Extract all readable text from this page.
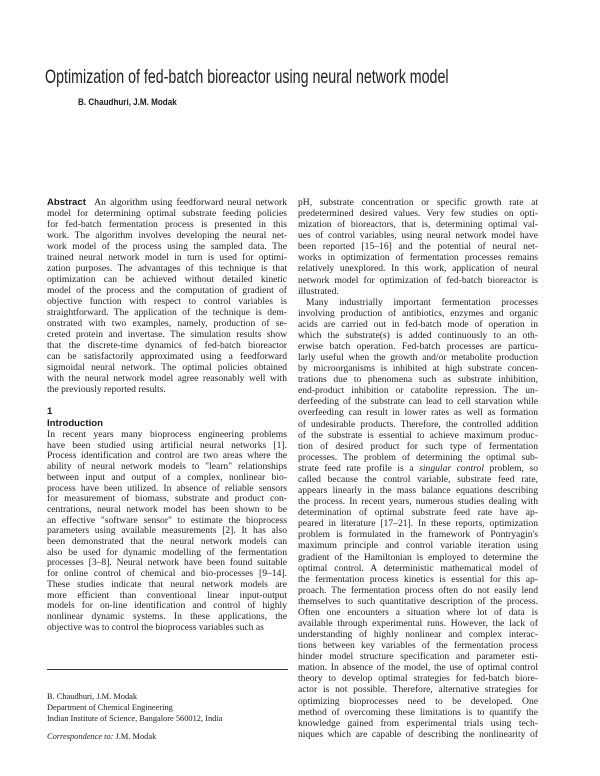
Optimization of fed-batch bioreactor using neural network model
B. Chaudhuri, J.M. Modak
Abstract An algorithm using feedforward neural network
model for determining optimal substrate feeding policies
for fed-batch fermentation process is presented in this
work. The algorithm involves developing the neural net-
work model of the process using the sampled data. The
trained neural network model in turn is used for optimi-
zation purposes. The advantages of this technique is that
optimization can be achieved without detailed kinetic
model of the process and the computation of gradient of
objective function with respect to control variables is
straightforward. The application of the technique is dem-
onstrated with two examples, namely, production of se-
creted protein and invertase. The simulation results show
that the discrete-time dynamics of fed-batch bioreactor
can be satisfactorily approximated using a feedforward
sigmoidal neural network. The optimal policies obtained
with the neural network model agree reasonably well with
the previously reported results.
1
Introduction
In recent years many bioprocess engineering problems
have been studied using artificial neural networks [1].
Process identification and control are two areas where the
ability of neural network models to "learn" relationships
between input and output of a complex, nonlinear bio-
process have been utilized. In absence of reliable sensors
for measurement of biomass, substrate and product con-
centrations, neural network model has been shown to be
an effective "software sensor" to estimate the bioprocess
parameters using available measurements [2]. It has also
been demonstrated that the neural network models can
also be used for dynamic modelling of the fermentation
processes [3–8]. Neural network have been found suitable
for online control of chemical and bio-processes [9–14].
These studies indicate that neural network models are
more efficient than conventional linear input-output
models for on-line identification and control of highly
nonlinear dynamic systems. In these applications, the
objective was to control the bioprocess variables such as
pH, substrate concentration or specific growth rate at
predetermined desired values. Very few studies on opti-
mization of bioreactors, that is, determining optimal val-
ues of control variables, using neural network model have
been reported [15–16] and the potential of neural net-
works in optimization of fermentation processes remains
relatively unexplored. In this work, application of neural
network model for optimization of fed-batch bioreactor is
illustrated.
Many industrially important fermentation processes
involving production of antibiotics, enzymes and organic
acids are carried out in fed-batch mode of operation in
which the substrate(s) is added continuously to an oth-
erwise batch operation. Fed-batch processes are particu-
larly useful when the growth and/or metabolite production
by microorganisms is inhibited at high substrate concen-
trations due to phenomena such as substrate inhibition,
end-product inhibition or catabolite repression. The un-
derfeeding of the substrate can lead to cell starvation while
overfeeding can result in lower rates as well as formation
of undesirable products. Therefore, the controlled addition
of the substrate is essential to achieve maximum produc-
tion of desired product for such type of fermentation
processes. The problem of determining the optimal sub-
strate feed rate profile is a singular control problem, so
called because the control variable, substrate feed rate,
appears linearly in the mass balance equations describing
the process. In recent years, numerous studies dealing with
determination of optimal substrate feed rate have ap-
peared in literature [17–21]. In these reports, optimization
problem is formulated in the framework of Pontryagin's
maximum principle and control variable iteration using
gradient of the Hamiltonian is employed to determine the
optimal control. A deterministic mathematical model of
the fermentation process kinetics is essential for this ap-
proach. The fermentation process often do not easily lend
themselves to such quantitative description of the process.
Often one encounters a situation where lot of data is
available through experimental runs. However, the lack of
understanding of highly nonlinear and complex interac-
tions between key variables of the fermentation process
hinder model structure specification and parameter esti-
mation. In absence of the model, the use of optimal control
theory to develop optimal strategies for fed-batch biore-
actor is not possible. Therefore, alternative strategies for
optimizing bioprocesses need to be developed. One
method of overcoming these limitations is to quantify the
knowledge gained from experimental trials using tech-
niques which are capable of describing the nonlinearity of
B. Chaudhuri, J.M. Modak
Department of Chemical Engineering
Indian Institute of Science, Bangalore 560012, India
Correspondence to: J.M. Modak
